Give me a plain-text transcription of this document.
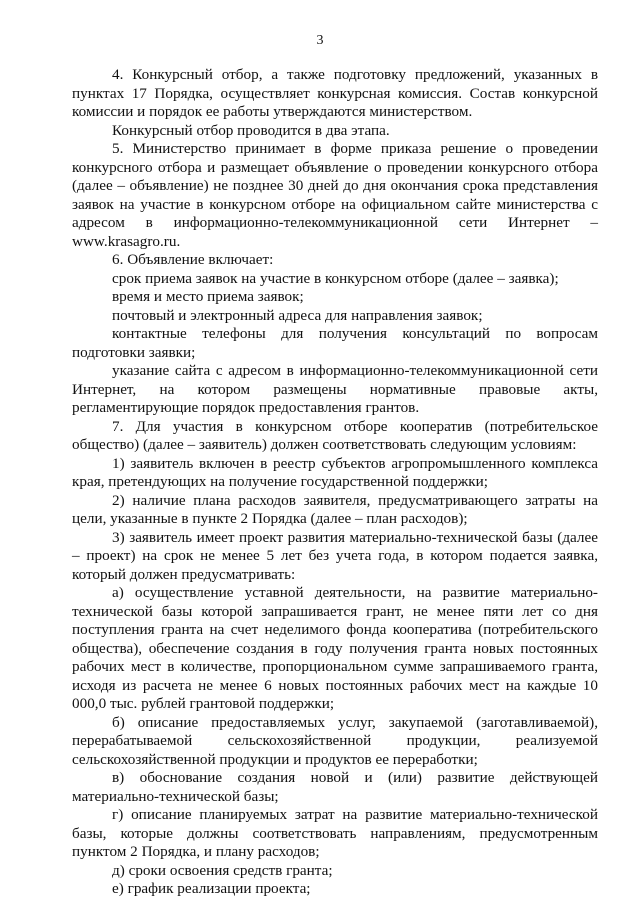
3

4. Конкурсный отбор, а также подготовку предложений, указанных в пунктах 17 Порядка, осуществляет конкурсная комиссия. Состав конкурсной комиссии и порядок ее работы утверждаются министерством.

Конкурсный отбор проводится в два этапа.

5. Министерство принимает в форме приказа решение о проведении конкурсного отбора и размещает объявление о проведении конкурсного отбора (далее – объявление) не позднее 30 дней до дня окончания срока представления заявок на участие в конкурсном отборе на официальном сайте министерства с адресом в информационно-телекоммуникационной сети Интернет – www.krasagro.ru.

6. Объявление включает:

срок приема заявок на участие в конкурсном отборе (далее – заявка);

время и место приема заявок;

почтовый и электронный адреса для направления заявок;

контактные телефоны для получения консультаций по вопросам подготовки заявки;

указание сайта с адресом в информационно-телекоммуникационной сети Интернет, на котором размещены нормативные правовые акты, регламентирующие порядок предоставления грантов.

7. Для участия в конкурсном отборе кооператив (потребительское общество) (далее – заявитель) должен соответствовать следующим условиям:

1) заявитель включен в реестр субъектов агропромышленного комплекса края, претендующих на получение государственной поддержки;

2) наличие плана расходов заявителя, предусматривающего затраты на цели, указанные в пункте 2 Порядка (далее – план расходов);

3) заявитель имеет проект развития материально-технической базы (далее – проект) на срок не менее 5 лет без учета года, в котором подается заявка, который должен предусматривать:

а) осуществление уставной деятельности, на развитие материально-технической базы которой запрашивается грант, не менее пяти лет со дня поступления гранта на счет неделимого фонда кооператива (потребительского общества), обеспечение создания в году получения гранта новых постоянных рабочих мест в количестве, пропорциональном сумме запрашиваемого гранта, исходя из расчета не менее 6 новых постоянных рабочих мест на каждые 10 000,0 тыс. рублей грантовой поддержки;

б) описание предоставляемых услуг, закупаемой (заготавливаемой), перерабатываемой сельскохозяйственной продукции, реализуемой сельскохозяйственной продукции и продуктов ее переработки;

в) обоснование создания новой и (или) развитие действующей материально-технической базы;

г) описание планируемых затрат на развитие материально-технической базы, которые должны соответствовать направлениям, предусмотренным пунктом 2 Порядка, и плану расходов;

д) сроки освоения средств гранта;

е) график реализации проекта;
